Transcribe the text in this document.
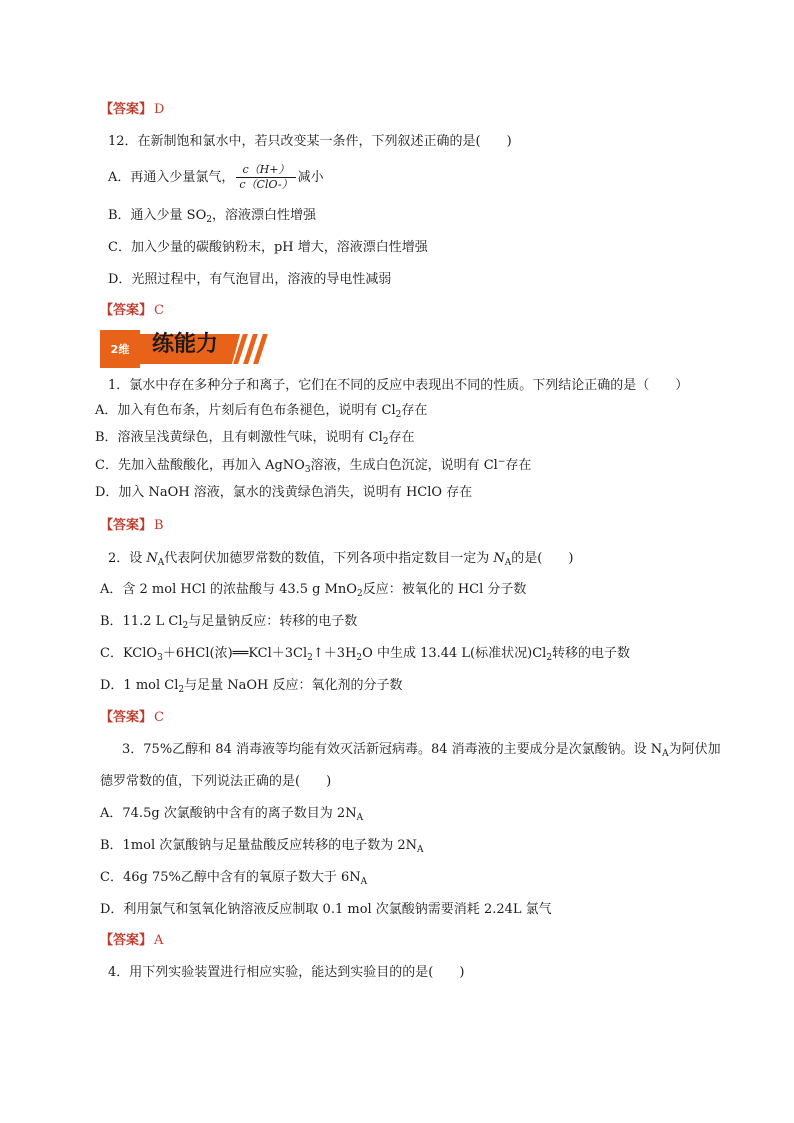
【答案】 D
12．在新制饱和氯水中，若只改变某一条件，下列叙述正确的是(　　)
A．再通入少量氯气， $\frac{c(H+)}{\text{c（ClO-）}}$ 减小
B．通入少量 $SO_2$，溶液漂白性增强
C．加入少量的碳酸钠粉末，pH 增大，溶液漂白性增强
D．光照过程中，有气泡冒出，溶液的导电性减弱
【答案】 C
2维	练能力
1．氯水中存在多种分子和离子，它们在不同的反应中表现出不同的性质。下列结论正确的是（　　）
A．加入有色布条，片刻后有色布条褪色，说明有 $Cl_2$存在
B．溶液呈浅黄绿色，且有刺激性气味，说明有 $Cl_2$存在
C．先加入盐酸酸化，再加入 AgNO$_3$溶液，生成白色沉淀，说明有 Cl−存在
D．加入 NaOH 溶液，氯水的浅黄绿色消失，说明有 HClO 存在
【答案】 B
2．设 $N_A$代表阿伏加德罗常数的数值，下列各项中指定数目一定为 $N_A$的是(　　)
A．含 2 mol HCl 的浓盐酸与 43.5 g MnO$_2$反应：被氧化的 HCl 分子数
B．11.2 L $Cl_2$与足量钠反应：转移的电子数
C．KClO$_3$＋6HCl(浓)$══KCl+3Cl_2↑+3H_2O$ 中生成 13.44 L(标准状况)$Cl_2$转移的电子数
D．1 mol $Cl_2$与足量 NaOH 反应：氧化剂的分子数
【答案】 C
3．75%乙醇和 84 消毒液等均能有效灭活新冠病毒。84 消毒液的主要成分是次氯酸钠。设 $N_A$为阿伏加
德罗常数的值，下列说法正确的是(　　)
A．74.5g 次氯酸钠中含有的离子数目为 $2N_A$
B．1mol 次氯酸钠与足量盐酸反应转移的电子数为 $2N_A$
C．46g 75%乙醇中含有的氧原子数大于 $6N_A$
D．利用氯气和氢氧化钠溶液反应制取 0.1 mol 次氯酸钠需要消耗 2.24L 氯气
【答案】 A
4．用下列实验装置进行相应实验，能达到实验目的的是(　　)
